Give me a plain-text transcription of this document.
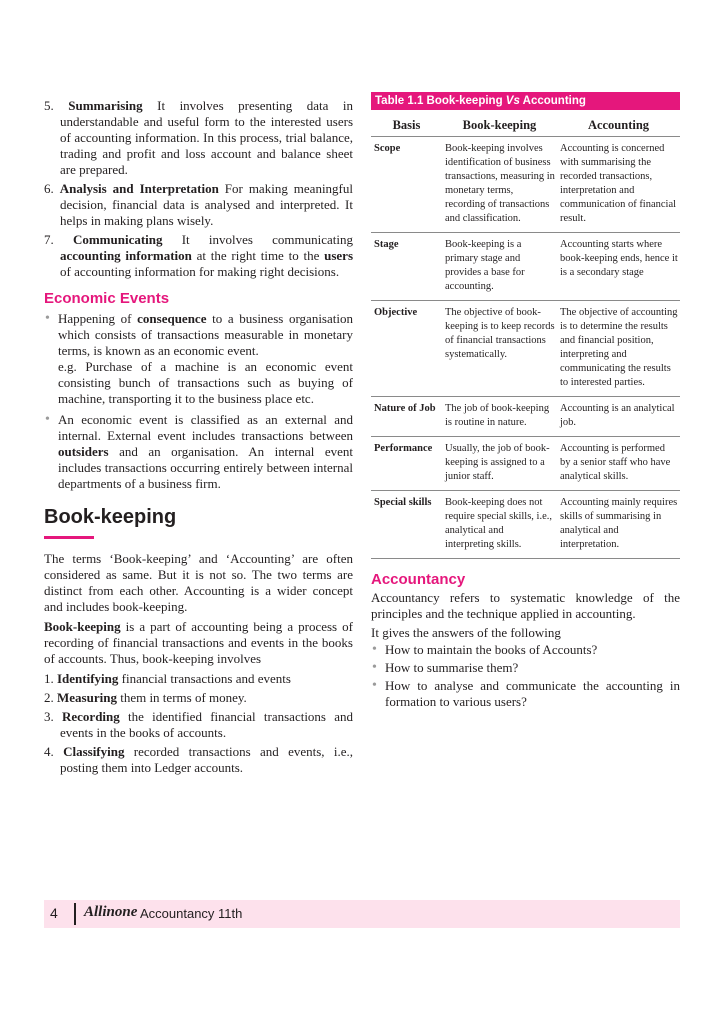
5. Summarising It involves presenting data in understandable and useful form to the interested users of accounting information. In this process, trial balance, trading and profit and loss account and balance sheet are prepared.
6. Analysis and Interpretation For making meaningful decision, financial data is analysed and interpreted. It helps in making plans wisely.
7. Communicating It involves communicating accounting information at the right time to the users of accounting information for making right decisions.
Economic Events
• Happening of consequence to a business organisation which consists of transactions measurable in monetary terms, is known as an economic event.
e.g. Purchase of a machine is an economic event consisting bunch of transactions such as buying of machine, transporting it to the business place etc.
• An economic event is classified as an external and internal. External event includes transactions between outsiders and an organisation. An internal event includes transactions occurring entirely between internal departments of a business firm.
Book-keeping

The terms ‘Book-keeping’ and ‘Accounting’ are often considered as same. But it is not so. The two terms are distinct from each other. Accounting is a wider concept and includes book-keeping.

Book-keeping is a part of accounting being a process of recording of financial transactions and events in the books of accounts. Thus, book-keeping involves

1. Identifying financial transactions and events
2. Measuring them in terms of money.
3. Recording the identified financial transactions and events in the books of accounts.
4. Classifying recorded transactions and events, i.e., posting them into Ledger accounts.
Table 1.1 Book-keeping Vs Accounting
Basis	Book-keeping	Accounting
Scope	Book-keeping involves identification of business transactions, measuring in monetary terms, recording of transactions and classification.	Accounting is concerned with summarising the recorded transactions, interpretation and communication of financial result.
Stage	Book-keeping is a primary stage and provides a base for accounting.	Accounting starts where book-keeping ends, hence it is a secondary stage
Objective	The objective of book-keeping is to keep records of financial transactions systematically.	The objective of accounting is to determine the results and financial position, interpreting and communicating the results to interested parties.
Nature of Job	The job of book-keeping is routine in nature.	Accounting is an analytical job.
Performance	Usually, the job of book-keeping is assigned to a junior staff.	Accounting is performed by a senior staff who have analytical skills.
Special skills	Book-keeping does not require special skills, i.e., analytical and interpreting skills.	Accounting mainly requires skills of summarising in analytical and interpretation.
Accountancy

Accountancy refers to systematic knowledge of the principles and the technique applied in accounting.

It gives the answers of the following

• How to maintain the books of Accounts?
• How to summarise them?
• How to analyse and communicate the accounting in formation to various users?
4 Allinone Accountancy 11th
